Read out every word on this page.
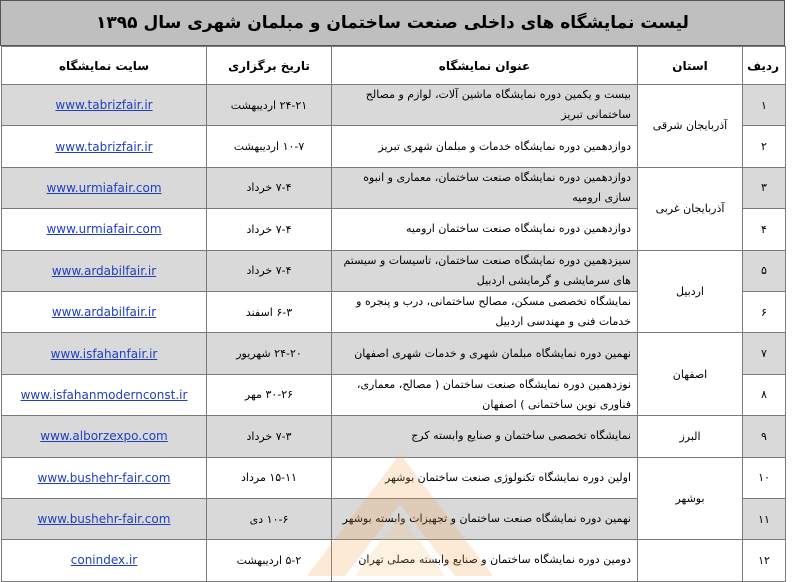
لیست نمایشگاه های داخلی صنعت ساختمان و مبلمان شهری سال ۱۳۹۵
ردیف	استان	عنوان نمایشگاه	تاریخ برگزاری	سایت نمایشگاه
۱	آذربایجان شرقی	بیست و یکمین دوره نمایشگاه ماشین آلات، لوازم و مصالح ساختمانی تبریز	۲۴-۲۱ اردیبهشت	www.tabrizfair.ir
۲		دوازدهمین دوره نمایشگاه خدمات و مبلمان شهری تبریز	۱۰-۷ اردیبهشت	www.tabrizfair.ir
۳	آذربایجان غربی	دوازدهمین دوره نمایشگاه صنعت ساختمان، معماری و انبوه سازی ارومیه	۷-۴ خرداد	www.urmiafair.com
۴		دوازدهمین دوره نمایشگاه صنعت ساختمان ارومیه	۷-۴ خرداد	www.urmiafair.com
۵	اردبیل	سیزدهمین دوره نمایشگاه صنعت ساختمان، تاسیسات و سیستم های سرمایشی و گرمایشی اردبیل	۷-۴ خرداد	www.ardabilfair.ir
۶		نمایشگاه تخصصی مسکن، مصالح ساختمانی، درب و پنجره و خدمات فنی و مهندسی اردبیل	۶-۳ اسفند	www.ardabilfair.ir
۷	اصفهان	نهمین دوره نمایشگاه مبلمان شهری و خدمات شهری اصفهان	۲۴-۲۰ شهریور	www.isfahanfair.ir
۸		نوزدهمین دوره نمایشگاه صنعت ساختمان ( مصالح، معماری، فناوری نوین ساختمانی ) اصفهان	۳۰-۲۶ مهر	www.isfahanmodernconst.ir
۹	البرز	نمایشگاه تخصصی ساختمان و صنایع وابسته کرج	۷-۳ خرداد	www.alborzexpo.com
۱۰	بوشهر	اولین دوره نمایشگاه تکنولوژی صنعت ساختمان بوشهر	۱۵-۱۱ مرداد	www.bushehr-fair.com
۱۱		نهمین دوره نمایشگاه صنعت ساختمان و تجهیزات وابسته بوشهر	۱۰-۶ دی	www.bushehr-fair.com
۱۲		دومین دوره نمایشگاه ساختمان و صنایع وابسته مصلی تهران	۵-۲ اردیبهشت	conindex.ir
